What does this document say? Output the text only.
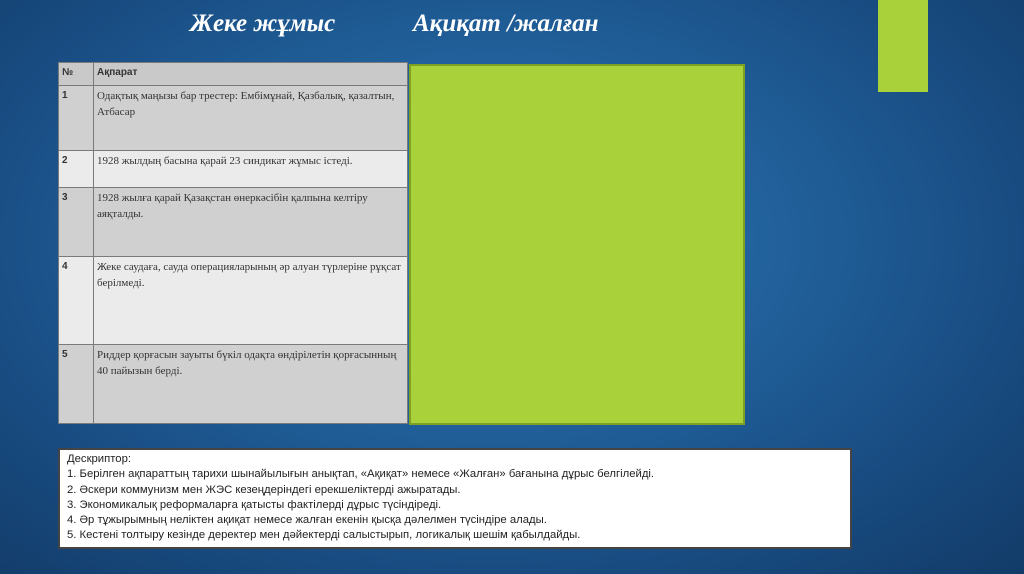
Жеке жұмыс	Ақиқат /жалған
№	Ақпарат
1	Одақтық маңызы бар трестер: Ембімұнай, Қазбалық, қазалтын, Атбасар
2	1928 жылдың басына қарай 23 синдикат жұмыс істеді.
3	1928 жылға қарай Қазақстан өнеркәсібін қалпына келтіру аяқталды.
4	Жеке саудаға, сауда операцияларының әр алуан түрлеріне рұқсат берілмеді.
5	Риддер қорғасын зауыты бүкіл одақта өндірілетін қорғасынның 40 пайызын берді.
Дескриптор:
1. Берілген ақпараттың тарихи шынайылығын анықтап, «Ақиқат» немесе «Жалған» бағанына дұрыс белгілейді.
2. Әскери коммунизм мен ЖЭС кезеңдеріндегі ерекшеліктерді ажыратады.
3. Экономикалық реформаларға қатысты фактілерді дұрыс түсіндіреді.
4. Әр тұжырымның неліктен ақиқат немесе жалған екенін қысқа дәлелмен түсіндіре алады.
5. Кестені толтыру кезінде деректер мен дәйектерді салыстырып, логикалық шешім қабылдайды.
